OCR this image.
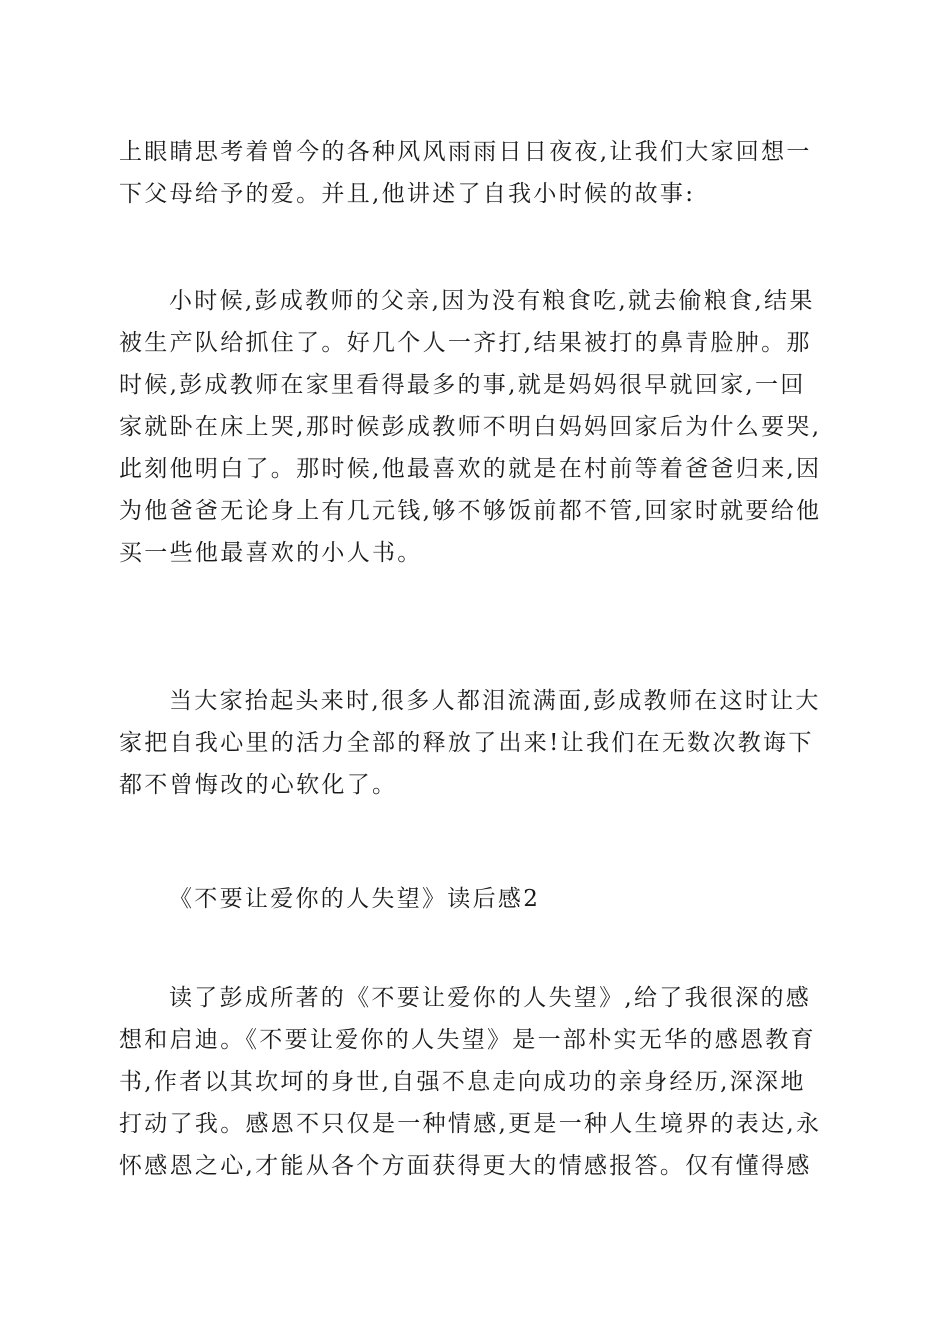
上眼睛思考着曾今的各种风风雨雨日日夜夜,让我们大家回想一
下父母给予的爱。并且,他讲述了自我小时候的故事:
小时候,彭成教师的父亲,因为没有粮食吃,就去偷粮食,结果
被生产队给抓住了。好几个人一齐打,结果被打的鼻青脸肿。那
时候,彭成教师在家里看得最多的事,就是妈妈很早就回家,一回
家就卧在床上哭,那时候彭成教师不明白妈妈回家后为什么要哭,
此刻他明白了。那时候,他最喜欢的就是在村前等着爸爸归来,因
为他爸爸无论身上有几元钱,够不够饭前都不管,回家时就要给他
买一些他最喜欢的小人书。
当大家抬起头来时,很多人都泪流满面,彭成教师在这时让大
家把自我心里的活力全部的释放了出来!让我们在无数次教诲下
都不曾悔改的心软化了。
《不要让爱你的人失望》读后感2
读了彭成所著的《不要让爱你的人失望》,给了我很深的感
想和启迪。《不要让爱你的人失望》是一部朴实无华的感恩教育
书,作者以其坎坷的身世,自强不息走向成功的亲身经历,深深地
打动了我。感恩不只仅是一种情感,更是一种人生境界的表达,永
怀感恩之心,才能从各个方面获得更大的情感报答。仅有懂得感
